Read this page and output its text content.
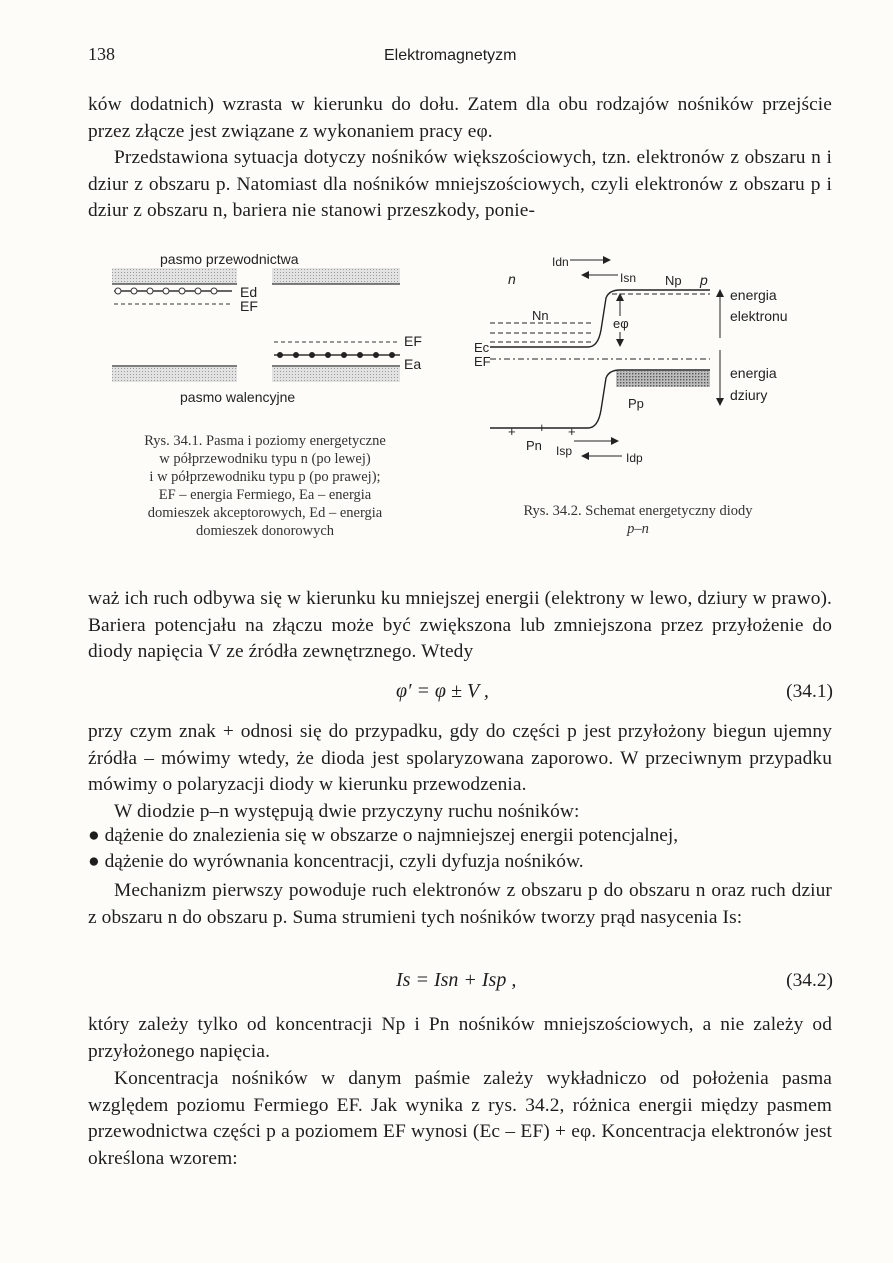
138	Elektromagnetyzm

ków dodatnich) wzrasta w kierunku do dołu. Zatem dla obu rodzajów nośników przejście przez złącze jest związane z wykonaniem pracy eφ.

Przedstawiona sytuacja dotyczy nośników większościowych, tzn. elektronów z obszaru n i dziur z obszaru p. Natomiast dla nośników mniejszościowych, czyli elektronów z obszaru p i dziur z obszaru n, bariera nie stanowi przeszkody, ponie-

pasmo przewodnictwa
Ed
EF
EF
Ea
pasmo walencyjne
Rys. 34.1. Pasma i poziomy energetyczne
w półprzewodniku typu n (po lewej)
i w półprzewodniku typu p (po prawej);
EF – energia Fermiego, Ea – energia
domieszek akceptorowych, Ed – energia
domieszek donorowych
Idn
Isn
n	Np p
Nn
eφ
Ec
EF
Pp
energia
elektronu
energia
dziury
+ + +
Pn Isp	Idp
Rys. 34.2. Schemat energetyczny diody
p–n

waż ich ruch odbywa się w kierunku ku mniejszej energii (elektrony w lewo, dziury w prawo). Bariera potencjału na złączu może być zwiększona lub zmniejszona przez przyłożenie do diody napięcia V ze źródła zewnętrznego. Wtedy

φ′ = φ ± V ,	(34.1)

przy czym znak + odnosi się do przypadku, gdy do części p jest przyłożony biegun ujemny źródła – mówimy wtedy, że dioda jest spolaryzowana zaporowo. W przeciwnym przypadku mówimy o polaryzacji diody w kierunku przewodzenia.

W diodzie p–n występują dwie przyczyny ruchu nośników:

● dążenie do znalezienia się w obszarze o najmniejszej energii potencjalnej,
● dążenie do wyrównania koncentracji, czyli dyfuzja nośników.

Mechanizm pierwszy powoduje ruch elektronów z obszaru p do obszaru n oraz ruch dziur z obszaru n do obszaru p. Suma strumieni tych nośników tworzy prąd nasycenia Is:

Is = Isn + Isp ,	(34.2)

który zależy tylko od koncentracji Np i Pn nośników mniejszościowych, a nie zależy od przyłożonego napięcia.

Koncentracja nośników w danym paśmie zależy wykładniczo od położenia pasma względem poziomu Fermiego EF. Jak wynika z rys. 34.2, różnica energii między pasmem przewodnictwa części p a poziomem EF wynosi (Ec – EF) + eφ. Koncentracja elektronów jest określona wzorem:
